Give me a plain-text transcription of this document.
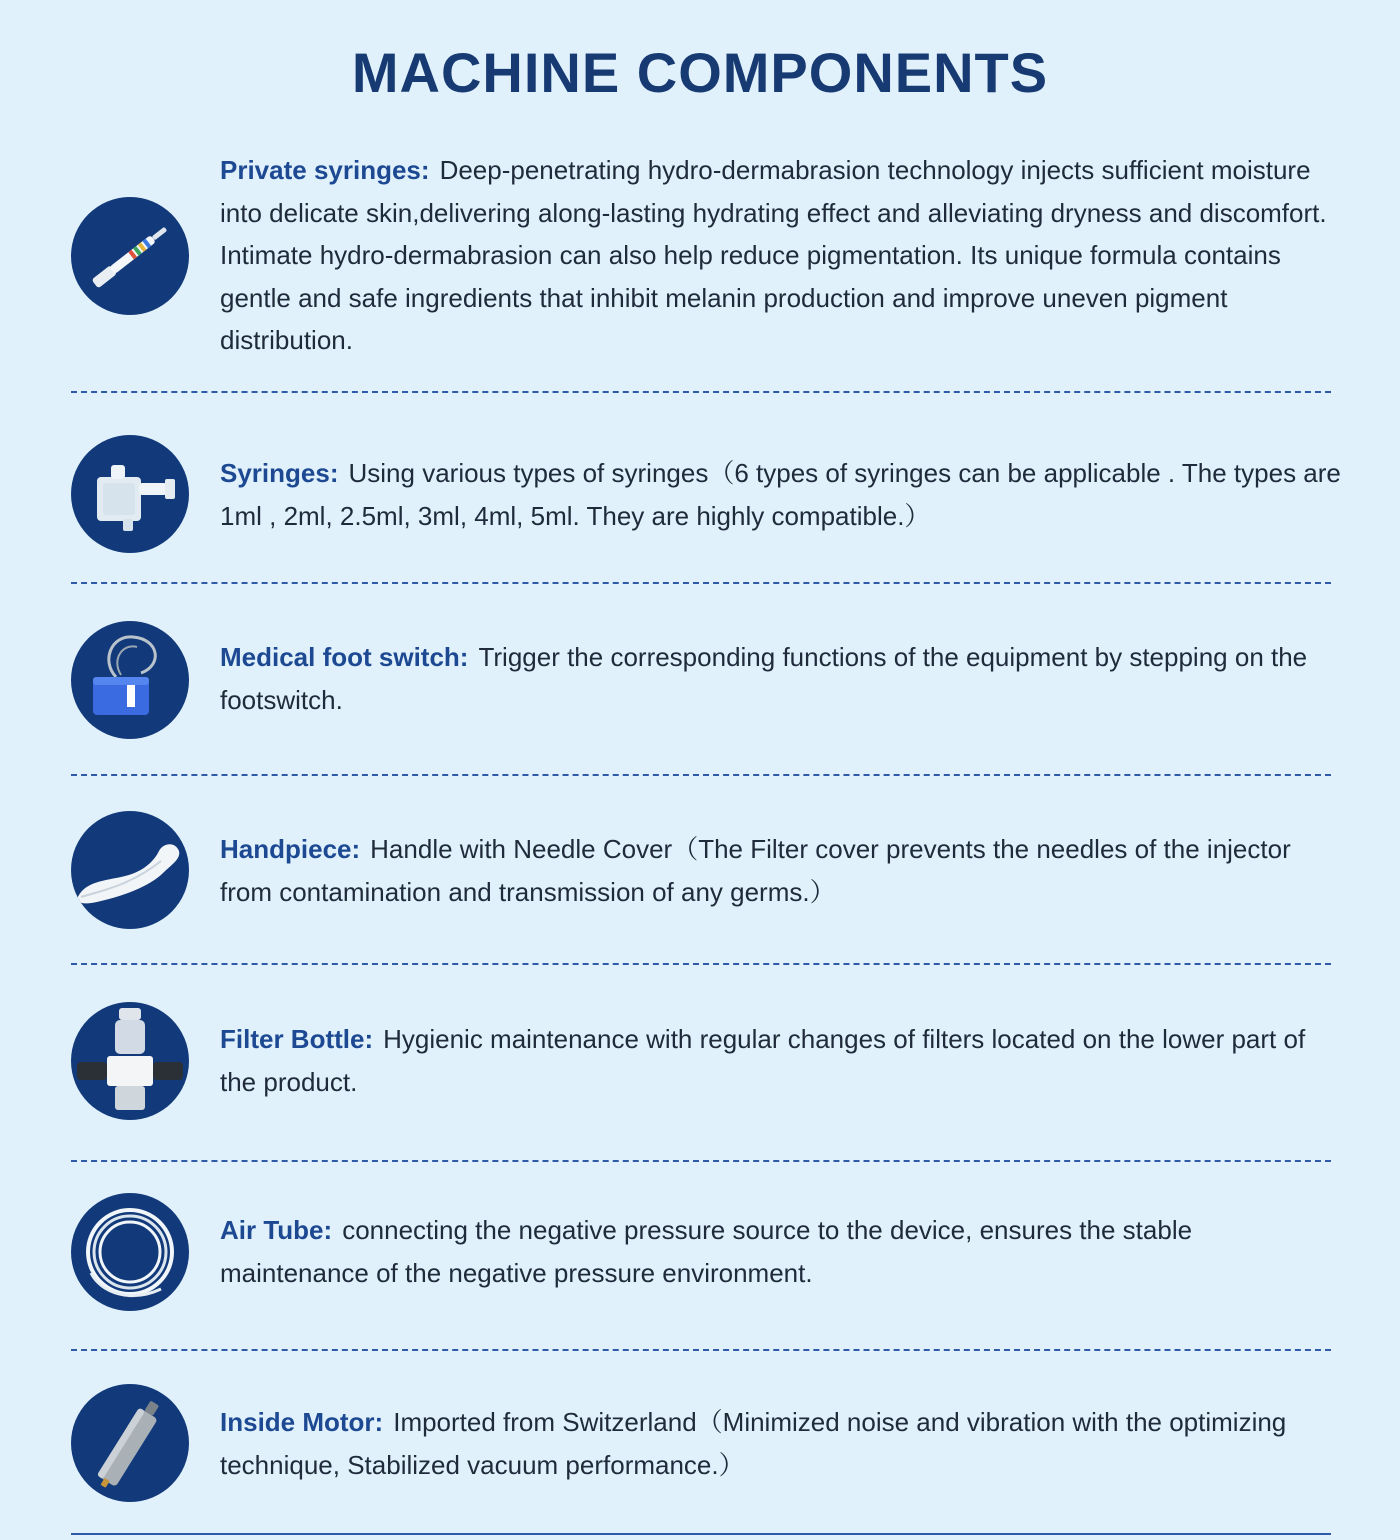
MACHINE COMPONENTS
Private syringes: Deep-penetrating hydro-dermabrasion technology injects sufficient moisture into delicate skin,delivering along-lasting hydrating effect and alleviating dryness and discomfort. Intimate hydro-dermabrasion can also help reduce pigmentation. Its unique formula contains gentle and safe ingredients that inhibit melanin production and improve uneven pigment distribution.
Syringes: Using various types of syringes（6 types of syringes can be applicable . The types are 1ml , 2ml, 2.5ml, 3ml, 4ml, 5ml. They are highly compatible.）
Medical foot switch: Trigger the corresponding functions of the equipment by stepping on the footswitch.
Handpiece: Handle with Needle Cover（The Filter cover prevents the needles of the injector from contamination and transmission of any germs.）
Filter Bottle: Hygienic maintenance with regular changes of filters located on the lower part of the product.
Air Tube: connecting the negative pressure source to the device, ensures the stable maintenance of the negative pressure environment.
Inside Motor: Imported from Switzerland（Minimized noise and vibration with the optimizing technique, Stabilized vacuum performance.）
